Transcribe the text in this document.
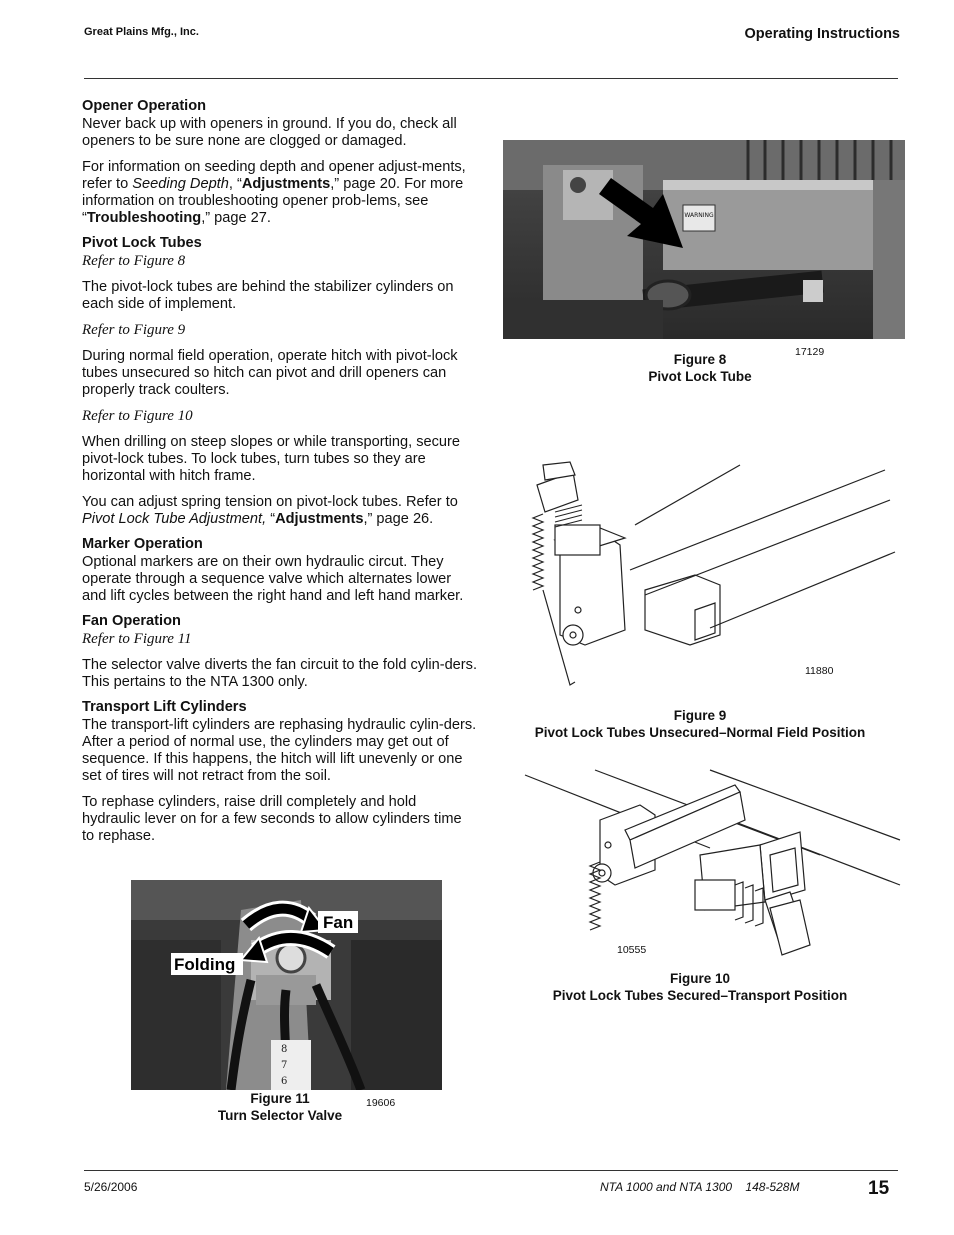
Great Plains Mfg., Inc.	Operating Instructions
Opener Operation

Never back up with openers in ground. If you do, check all openers to be sure none are clogged or damaged.

For information on seeding depth and opener adjust-ments, refer to Seeding Depth, “Adjustments,” page 20. For more information on troubleshooting opener prob-lems, see “Troubleshooting,” page 27.

Pivot Lock Tubes
Refer to Figure 8

The pivot-lock tubes are behind the stabilizer cylinders on each side of implement.

Refer to Figure 9

During normal field operation, operate hitch with pivot-lock tubes unsecured so hitch can pivot and drill openers can properly track coulters.

Refer to Figure 10

When drilling on steep slopes or while transporting, secure pivot-lock tubes. To lock tubes, turn tubes so they are horizontal with hitch frame.

You can adjust spring tension on pivot-lock tubes. Refer to Pivot Lock Tube Adjustment, “Adjustments,” page 26.

Marker Operation

Optional markers are on their own hydraulic circut. They operate through a sequence valve which alternates lower and lift cycles between the right hand and left hand marker.

Fan Operation
Refer to Figure 11

The selector valve diverts the fan circuit to the fold cylin-ders. This pertains to the NTA 1300 only.

Transport Lift Cylinders

The transport-lift cylinders are rephasing hydraulic cylin-ders. After a period of normal use, the cylinders may get out of sequence. If this happens, the hitch will lift unevenly or one set of tires will not retract from the soil.

To rephase cylinders, raise drill completely and hold hydraulic lever on for a few seconds to allow cylinders time to rephase.

WARNING
Figure 8
Pivot Lock Tube
17129
11880
Figure 9
Pivot Lock Tubes Unsecured–Normal Field Position
10555
Figure 10
Pivot Lock Tubes Secured–Transport Position
8
7
6
Fan
Folding
Figure 11
Turn Selector Valve
19606
5/26/2006	NTA 1000 and NTA 1300    148-528M	15
